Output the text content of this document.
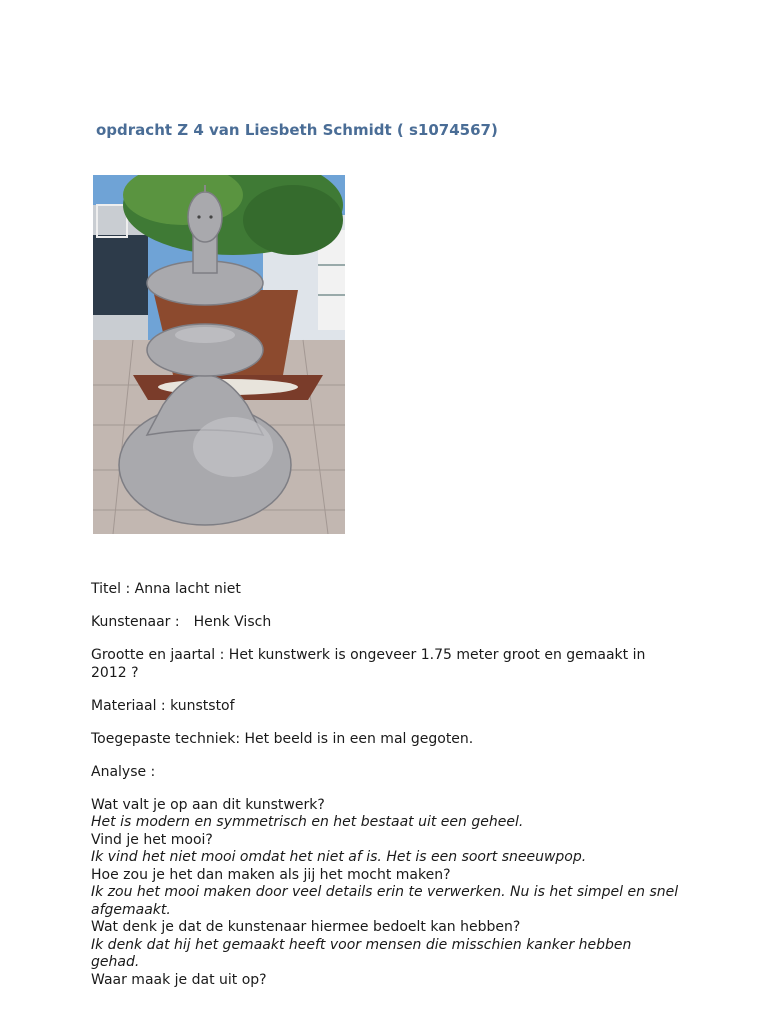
opdracht Z 4 van Liesbeth Schmidt ( s1074567)

Titel : Anna lacht niet

Kunstenaar : Henk Visch

Grootte en jaartal : Het kunstwerk is ongeveer 1.75 meter groot en gemaakt in 2012 ?

Materiaal : kunststof

Toegepaste techniek: Het beeld is in een mal gegoten.

Analyse :

Wat valt je op aan dit kunstwerk?

Het is modern en symmetrisch en het bestaat uit een geheel.

Vind je het mooi?

Ik vind het niet mooi omdat het niet af is. Het is een soort sneeuwpop.

Hoe zou je het dan maken als jij het mocht maken?

Ik zou het mooi maken door veel details erin te verwerken. Nu is het simpel en snel afgemaakt.

Wat denk je dat de kunstenaar hiermee bedoelt kan hebben?

Ik denk dat hij het gemaakt heeft voor mensen die misschien kanker hebben gehad.

Waar maak je dat uit op?
